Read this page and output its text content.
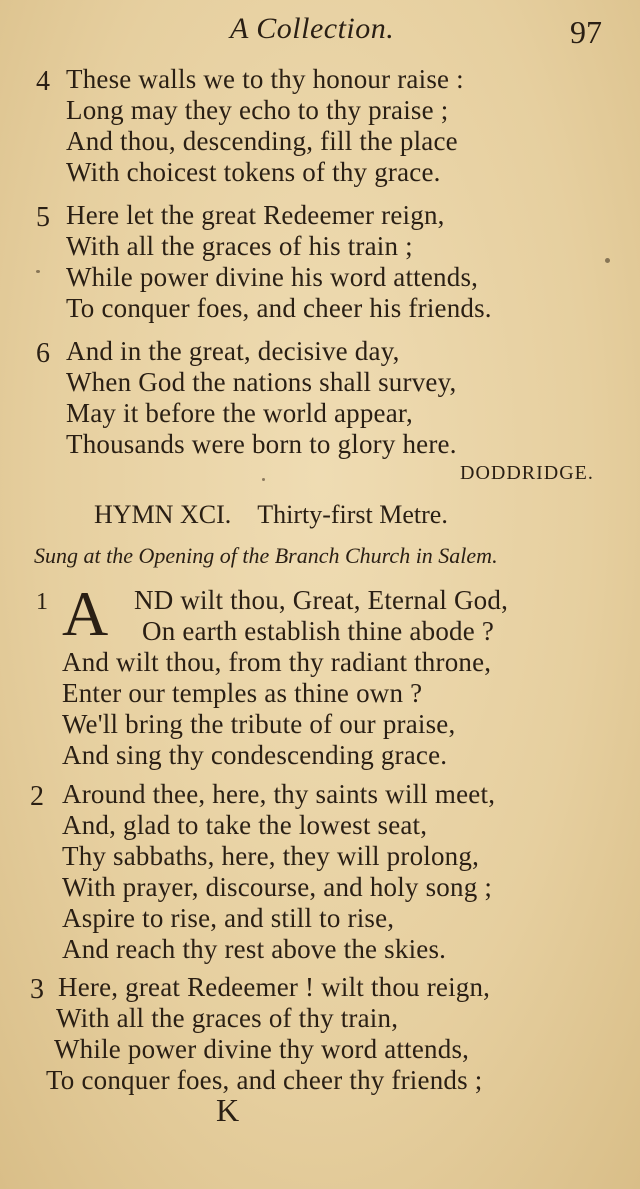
A Collection.	97
4 These walls we to thy honour raise :
Long may they echo to thy praise ;
And thou, descending, fill the place
With choicest tokens of thy grace.
5 Here let the great Redeemer reign,
With all the graces of his train ;
While power divine his word attends,
To conquer foes, and cheer his friends.
6 And in the great, decisive day,
When God the nations shall survey,
May it before the world appear,
Thousands were born to glory here.
DODDRIDGE.
HYMN XCI. Thirty-first Metre.
Sung at the Opening of the Branch Church in Salem.
1	ND wilt thou, Great, Eternal God,
On earth establish thine abode ?
And wilt thou, from thy radiant throne,
Enter our temples as thine own ?
We'll bring the tribute of our praise,
And sing thy condescending grace.
A
2 Around thee, here, thy saints will meet,
And, glad to take the lowest seat,
Thy sabbaths, here, they will prolong,
With prayer, discourse, and holy song ;
Aspire to rise, and still to rise,
And reach thy rest above the skies.
3 Here, great Redeemer ! wilt thou reign,
With all the graces of thy train,
While power divine thy word attends,
To conquer foes, and cheer thy friends ;
K
